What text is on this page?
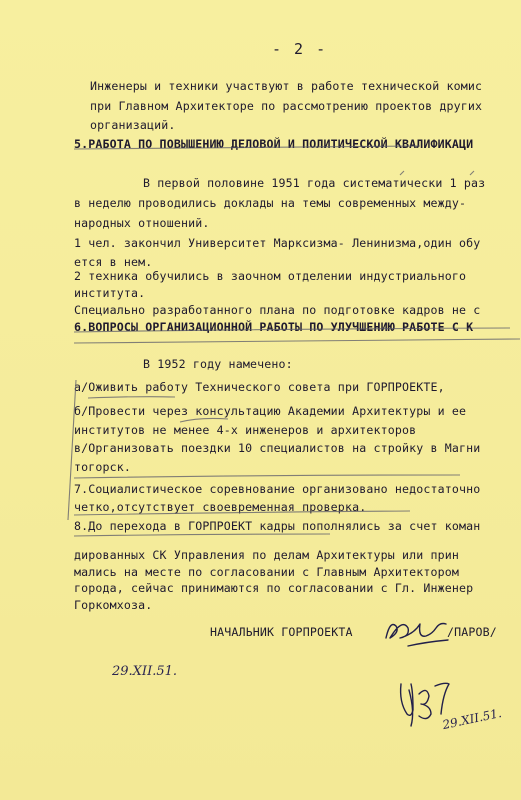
- 2 -
Инженеры и техники участвуют в работе технической комис
при Главном Архитекторе по рассмотрению проектов других
организаций.
5.РАБОТА ПО ПОВЫШЕНИЮ ДЕЛОВОЙ И ПОЛИТИЧЕСКОЙ КВАЛИФИКАЦИ
В первой половине 1951 года систематически 1 раз
в неделю проводились доклады на темы современных между-
народных отношений.
1 чел. закончил Университет Марксизма- Ленинизма,один обу
ется в нем.
2 техника обучились в заочном отделении индустриального
института.
Специально разработанного плана по подготовке кадров не с
6.ВОПРОСЫ ОРГАНИЗАЦИОННОЙ РАБОТЫ ПО УЛУЧШЕНИЮ РАБОТЕ С К
В 1952 году намечено:
а/Оживить работу Технического совета при ГОРПРОЕКТЕ,
б/Провести через консультацию Академии Архитектуры и ее
институтов не менее 4-х инженеров и архитекторов
в/Организовать поездки 10 специалистов на стройку в Магни
тогорск.
7.Социалистическое соревнование организовано недостаточно
четко,отсутствует своевременная проверка.
8.До перехода в ГОРПРОЕКТ кадры пополнялись за счет коман
дированных СК Управления по делам Архитектуры или прин
мались на месте по согласовании с Главным Архитектором
города, сейчас принимаются по согласовании с Гл. Инженер
Горкомхоза.
НАЧАЛЬНИК ГОРПРОЕКТА	/ПАРОВ/
29.XII.51.
29.XII.51.
